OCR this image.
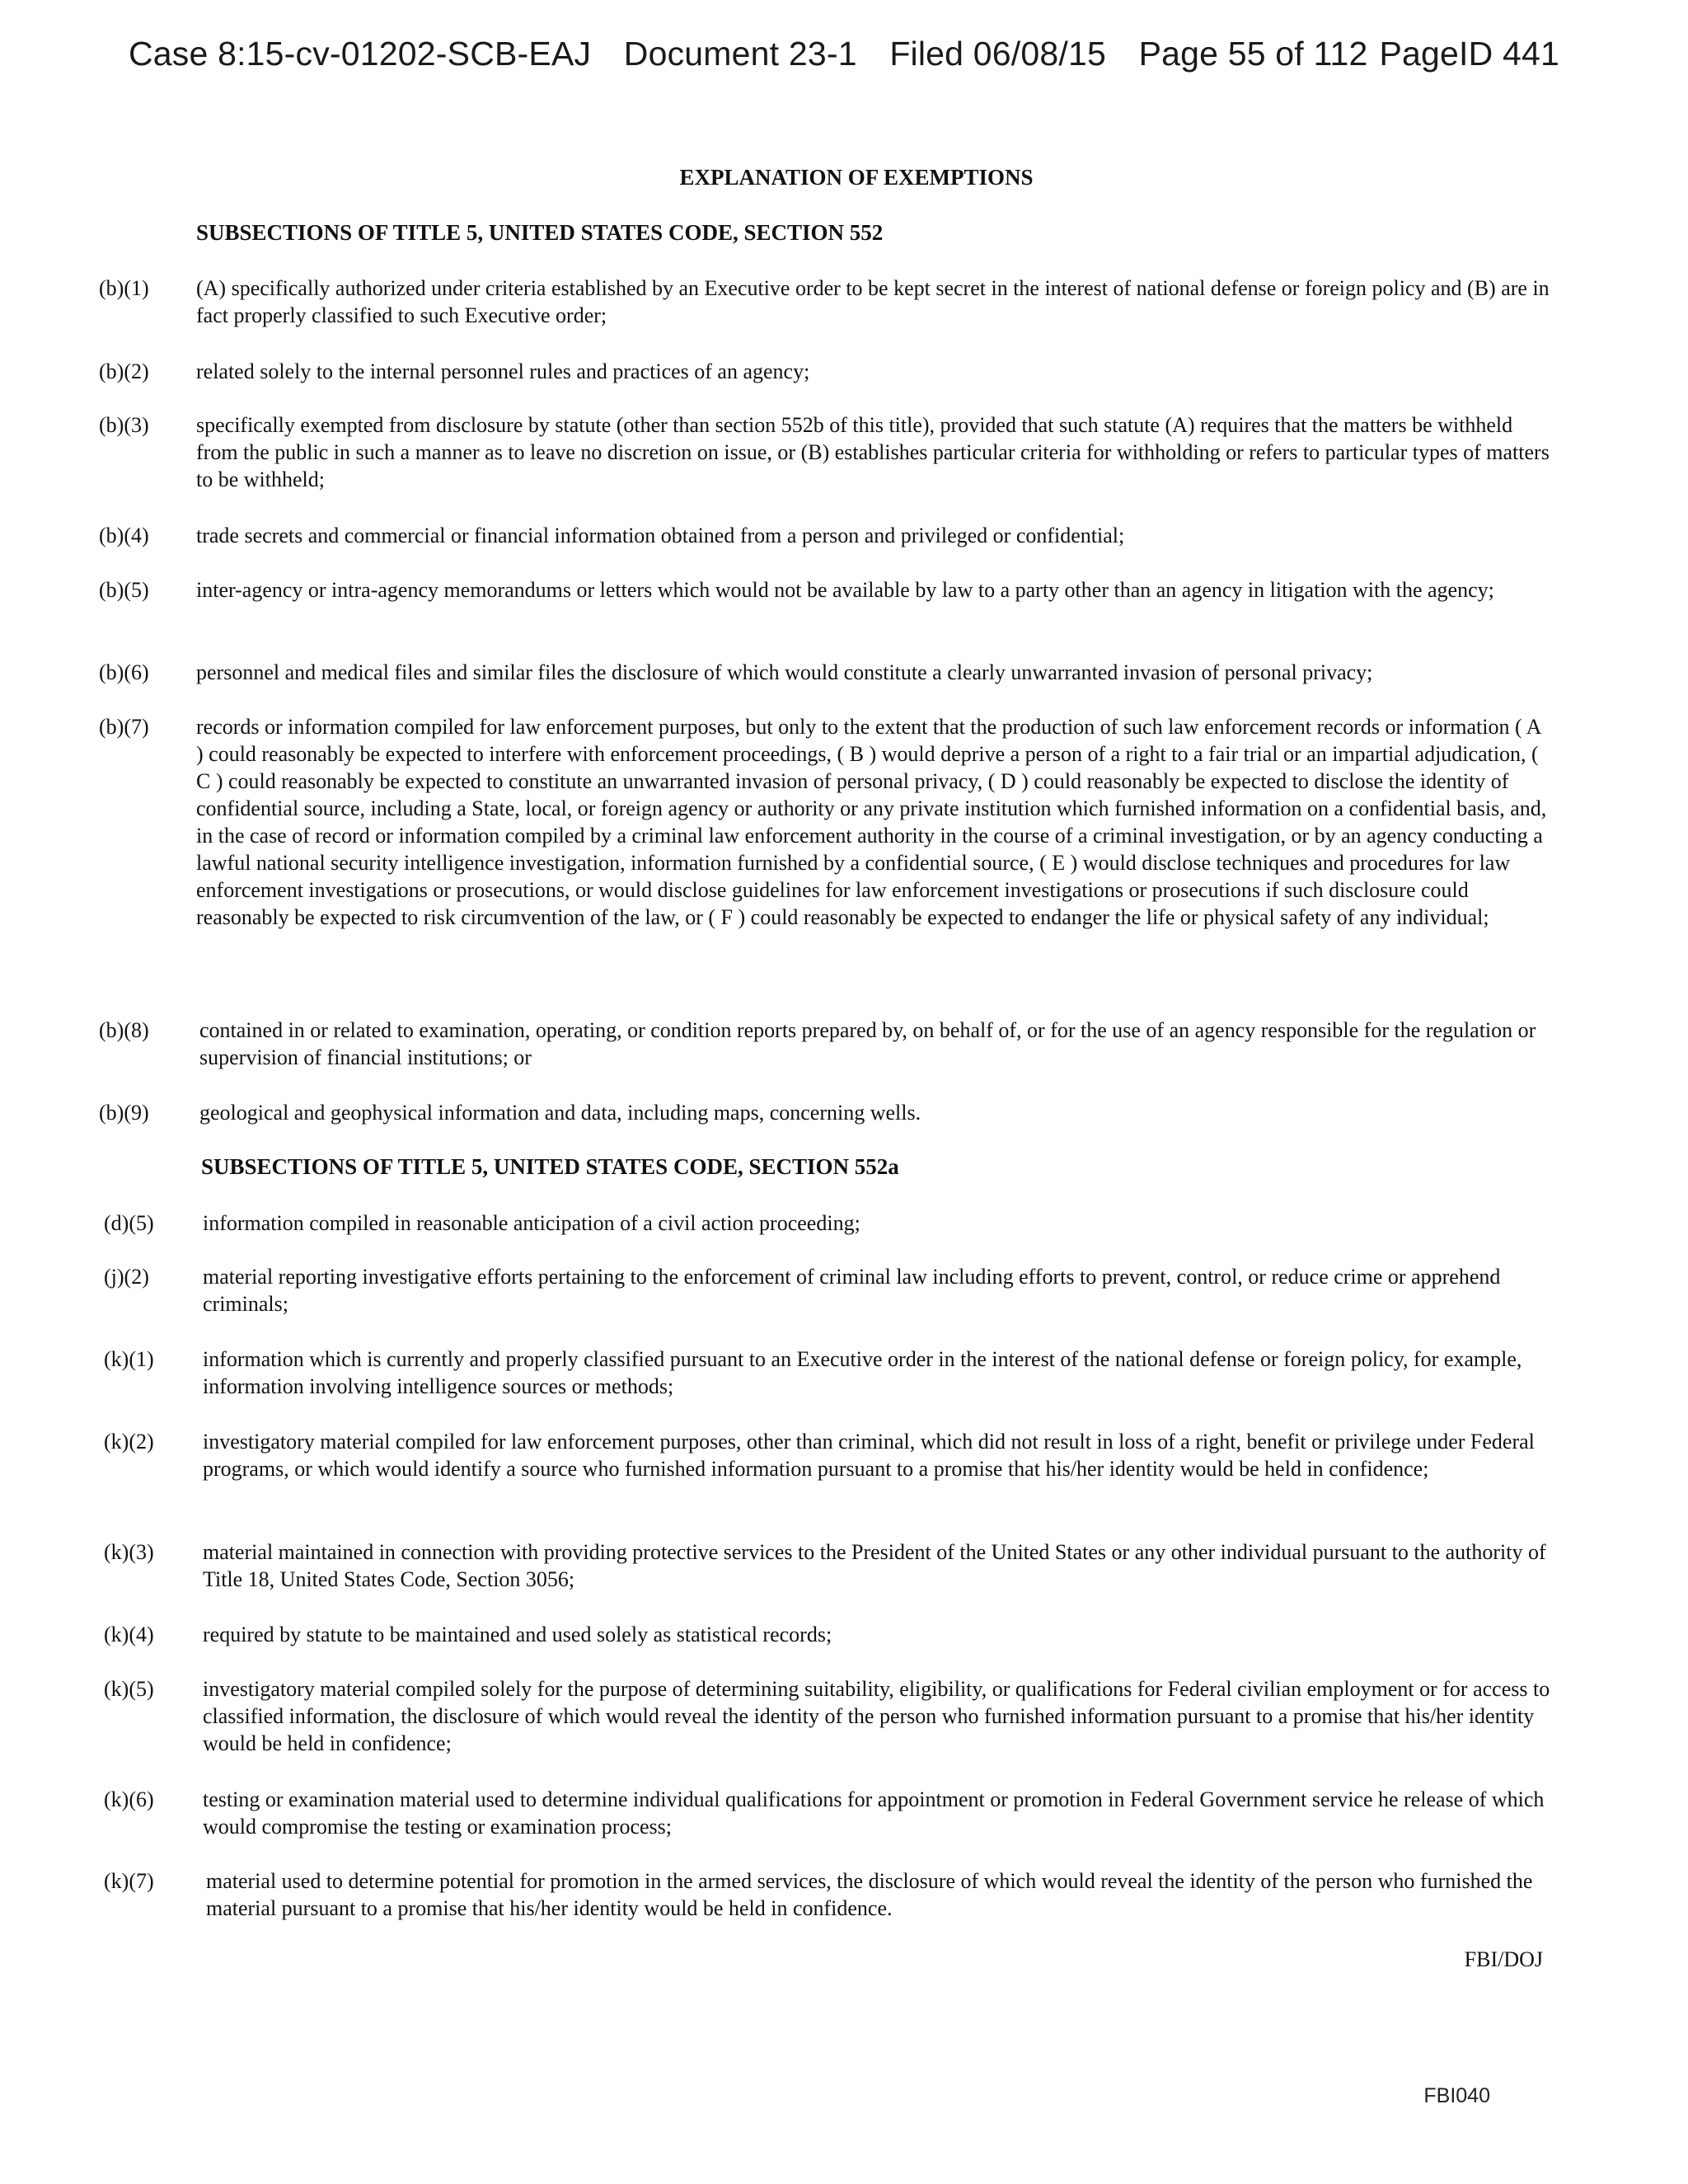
Case 8:15-cv-01202-SCB-EAJ Document 23-1 Filed 06/08/15 Page 55 of 112 PageID 441
EXPLANATION OF EXEMPTIONS
SUBSECTIONS OF TITLE 5, UNITED STATES CODE, SECTION 552
(b)(1) (A) specifically authorized under criteria established by an Executive order to be kept secret in the interest of national defense or foreign policy and (B) are in fact properly classified to such Executive order;
(b)(2) related solely to the internal personnel rules and practices of an agency;
(b)(3) specifically exempted from disclosure by statute (other than section 552b of this title), provided that such statute (A) requires that the matters be withheld from the public in such a manner as to leave no discretion on issue, or (B) establishes particular criteria for withholding or refers to particular types of matters to be withheld;
(b)(4) trade secrets and commercial or financial information obtained from a person and privileged or confidential;
(b)(5) inter-agency or intra-agency memorandums or letters which would not be available by law to a party other than an agency in litigation with the agency;
(b)(6) personnel and medical files and similar files the disclosure of which would constitute a clearly unwarranted invasion of personal privacy;
(b)(7) records or information compiled for law enforcement purposes, but only to the extent that the production of such law enforcement records or information ( A ) could reasonably be expected to interfere with enforcement proceedings, ( B ) would deprive a person of a right to a fair trial or an impartial adjudication, ( C ) could reasonably be expected to constitute an unwarranted invasion of personal privacy, ( D ) could reasonably be expected to disclose the identity of confidential source, including a State, local, or foreign agency or authority or any private institution which furnished information on a confidential basis, and, in the case of record or information compiled by a criminal law enforcement authority in the course of a criminal investigation, or by an agency conducting a lawful national security intelligence investigation, information furnished by a confidential source, ( E ) would disclose techniques and procedures for law enforcement investigations or prosecutions, or would disclose guidelines for law enforcement investigations or prosecutions if such disclosure could reasonably be expected to risk circumvention of the law, or ( F ) could reasonably be expected to endanger the life or physical safety of any individual;
(b)(8) contained in or related to examination, operating, or condition reports prepared by, on behalf of, or for the use of an agency responsible for the regulation or supervision of financial institutions; or
(b)(9) geological and geophysical information and data, including maps, concerning wells.
SUBSECTIONS OF TITLE 5, UNITED STATES CODE, SECTION 552a
(d)(5) information compiled in reasonable anticipation of a civil action proceeding;
(j)(2)	material reporting investigative efforts pertaining to the enforcement of criminal law including efforts to prevent, control, or reduce crime or apprehend criminals;
(k)(1) information which is currently and properly classified pursuant to an Executive order in the interest of the national defense or foreign policy, for example, information involving intelligence sources or methods;
(k)(2) investigatory material compiled for law enforcement purposes, other than criminal, which did not result in loss of a right, benefit or privilege under Federal programs, or which would identify a source who furnished information pursuant to a promise that his/her identity would be held in confidence;
(k)(3) material maintained in connection with providing protective services to the President of the United States or any other individual pursuant to the authority of Title 18, United States Code, Section 3056;
(k)(4) required by statute to be maintained and used solely as statistical records;
(k)(5) investigatory material compiled solely for the purpose of determining suitability, eligibility, or qualifications for Federal civilian employment or for access to classified information, the disclosure of which would reveal the identity of the person who furnished information pursuant to a promise that his/her identity would be held in confidence;
(k)(6) testing or examination material used to determine individual qualifications for appointment or promotion in Federal Government service he release of which would compromise the testing or examination process;
(k)(7) material used to determine potential for promotion in the armed services, the disclosure of which would reveal the identity of the person who furnished the material pursuant to a promise that his/her identity would be held in confidence.
FBI/DOJ
FBI040
